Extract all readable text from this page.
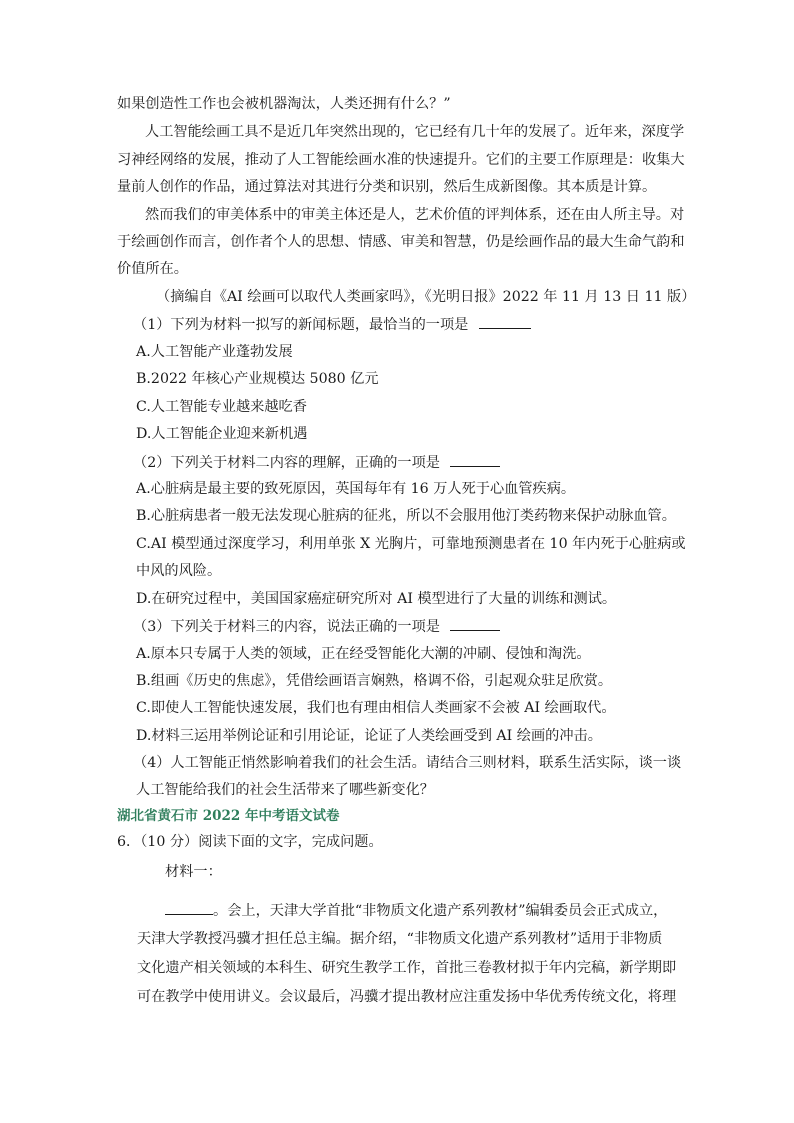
如果创造性工作也会被机器淘汰，人类还拥有什么？”
人工智能绘画工具不是近几年突然出现的，它已经有几十年的发展了。近年来，深度学
习神经网络的发展，推动了人工智能绘画水准的快速提升。它们的主要工作原理是：收集大
量前人创作的作品，通过算法对其进行分类和识别，然后生成新图像。其本质是计算。
然而我们的审美体系中的审美主体还是人，艺术价值的评判体系，还在由人所主导。对
于绘画创作而言，创作者个人的思想、情感、审美和智慧，仍是绘画作品的最大生命气韵和
价值所在。
（摘编自《AI 绘画可以取代人类画家吗》，《光明日报》2022 年 11 月 13 日 11 版）
（1）下列为材料一拟写的新闻标题，最恰当的一项是
A.人工智能产业蓬勃发展
B.2022 年核心产业规模达 5080 亿元
C.人工智能专业越来越吃香
D.人工智能企业迎来新机遇
（2）下列关于材料二内容的理解，正确的一项是
A.心脏病是最主要的致死原因，英国每年有 16 万人死于心血管疾病。
B.心脏病患者一般无法发现心脏病的征兆，所以不会服用他汀类药物来保护动脉血管。
C.AI 模型通过深度学习，利用单张 X 光胸片，可靠地预测患者在 10 年内死于心脏病或
中风的风险。
D.在研究过程中，美国国家癌症研究所对 AI 模型进行了大量的训练和测试。
（3）下列关于材料三的内容，说法正确的一项是
A.原本只专属于人类的领域，正在经受智能化大潮的冲刷、侵蚀和淘洗。
B.组画《历史的焦虑》，凭借绘画语言娴熟，格调不俗，引起观众驻足欣赏。
C.即使人工智能快速发展，我们也有理由相信人类画家不会被 AI 绘画取代。
D.材料三运用举例论证和引用论证，论证了人类绘画受到 AI 绘画的冲击。
（4）人工智能正悄然影响着我们的社会生活。请结合三则材料，联系生活实际，谈一谈
人工智能给我们的社会生活带来了哪些新变化？
湖北省黄石市 2022 年中考语文试卷
6．（10 分）阅读下面的文字，完成问题。
材料一：
。会上，天津大学首批“非物质文化遗产系列教材”编辑委员会正式成立，
天津大学教授冯骥才担任总主编。据介绍，“非物质文化遗产系列教材”适用于非物质
文化遗产相关领域的本科生、研究生教学工作，首批三卷教材拟于年内完稿，新学期即
可在教学中使用讲义。会议最后，冯骥才提出教材应注重发扬中华优秀传统文化，将理
